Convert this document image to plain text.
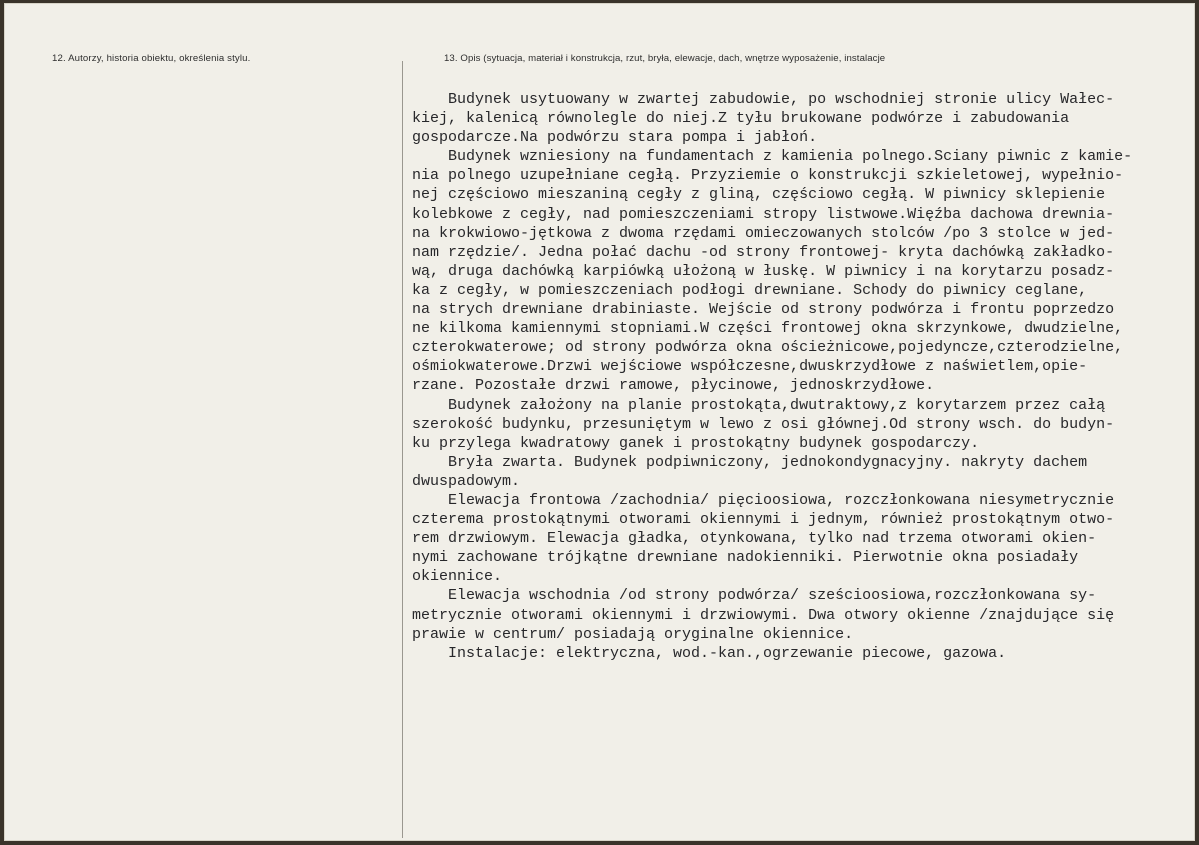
12. Autorzy, historia obiektu, określenia stylu.	13. Opis (sytuacja, materiał i konstrukcja, rzut, bryła, elewacje, dach, wnętrze wyposażenie, instalacje
Budynek usytuowany w zwartej zabudowie, po wschodniej stronie ulicy Wałec-
kiej, kalenicą równolegle do niej.Z tyłu brukowane podwórze i zabudowania
gospodarcze.Na podwórzu stara pompa i jabłoń.
Budynek wzniesiony na fundamentach z kamienia polnego.Sciany piwnic z kamie-
nia polnego uzupełniane cegłą. Przyziemie o konstrukcji szkieletowej, wypełnio-
nej częściowo mieszaniną cegły z gliną, częściowo cegłą. W piwnicy sklepienie
kolebkowe z cegły, nad pomieszczeniami stropy listwowe.Więźba dachowa drewnia-
na krokwiowo-jętkowa z dwoma rzędami omieczowanych stolców /po 3 stolce w jed-
nam rzędzie/. Jedna połać dachu -od strony frontowej- kryta dachówką zakładko-
wą, druga dachówką karpiówką ułożoną w łuskę. W piwnicy i na korytarzu posadz-
ka z cegły, w pomieszczeniach podłogi drewniane. Schody do piwnicy ceglane,
na strych drewniane drabiniaste. Wejście od strony podwórza i frontu poprzedzo
ne kilkoma kamiennymi stopniami.W części frontowej okna skrzynkowe, dwudzielne,
czterokwaterowe; od strony podwórza okna ościeżnicowe,pojedyncze,czterodzielne,
ośmiokwaterowe.Drzwi wejściowe współczesne,dwuskrzydłowe z naświetlem,opie-
rzane. Pozostałe drzwi ramowe, płycinowe, jednoskrzydłowe.
Budynek założony na planie prostokąta,dwutraktowy,z korytarzem przez całą
szerokość budynku, przesuniętym w lewo z osi głównej.Od strony wsch. do budyn-
ku przylega kwadratowy ganek i prostokątny budynek gospodarczy.
Bryła zwarta. Budynek podpiwniczony, jednokondygnacyjny. nakryty dachem
dwuspadowym.
Elewacja frontowa /zachodnia/ pięcioosiowa, rozczłonkowana niesymetrycznie
czterema prostokątnymi otworami okiennymi i jednym, również prostokątnym otwo-
rem drzwiowym. Elewacja gładka, otynkowana, tylko nad trzema otworami okien-
nymi zachowane trójkątne drewniane nadokienniki. Pierwotnie okna posiadały
okiennice.
Elewacja wschodnia /od strony podwórza/ sześcioosiowa,rozczłonkowana sy-
metrycznie otworami okiennymi i drzwiowymi. Dwa otwory okienne /znajdujące się
prawie w centrum/ posiadają oryginalne okiennice.
Instalacje: elektryczna, wod.-kan.,ogrzewanie piecowe, gazowa.
